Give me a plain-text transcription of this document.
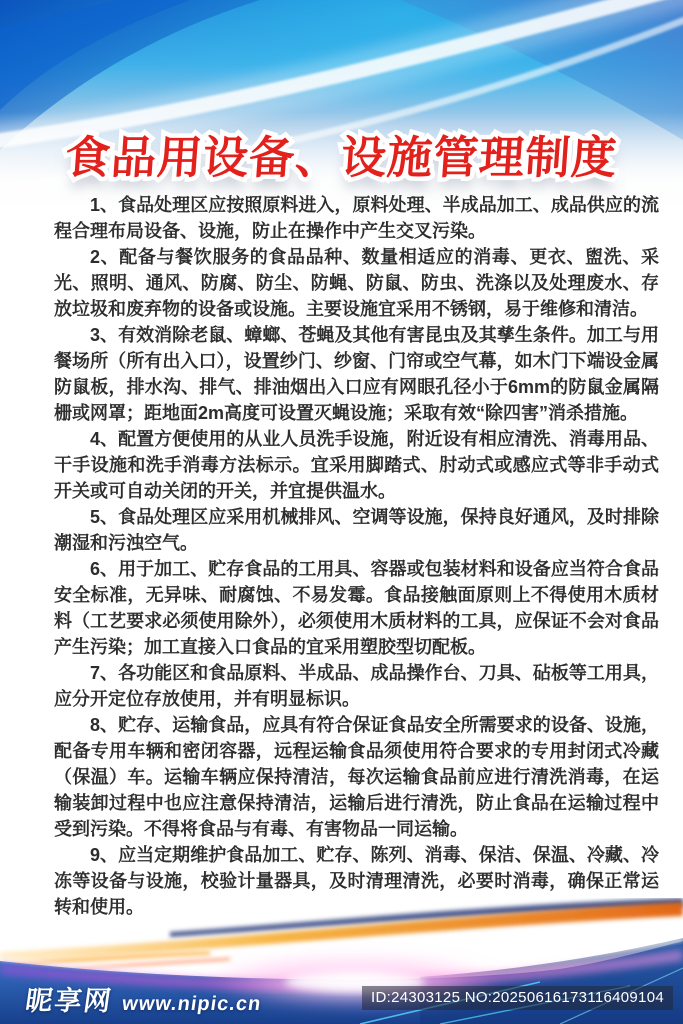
食品用设备、设施管理制度 食品用设备、设施管理制度

1、食品处理区应按照原料进入，原料处理、半成品加工、成品供应的流程合理布局设备、设施，防止在操作中产生交叉污染。

2、配备与餐饮服务的食品品种、数量相适应的消毒、更衣、盥洗、采光、照明、通风、防腐、防尘、防蝇、防鼠、防虫、洗涤以及处理废水、存放垃圾和废弃物的设备或设施。主要设施宜采用不锈钢，易于维修和清洁。

3、有效消除老鼠、蟑螂、苍蝇及其他有害昆虫及其孳生条件。加工与用餐场所（所有出入口），设置纱门、纱窗、门帘或空气幕，如木门下端设金属防鼠板，排水沟、排气、排油烟出入口应有网眼孔径小于6mm的防鼠金属隔栅或网罩；距地面2m高度可设置灭蝇设施；采取有效“除四害”消杀措施。

4、配置方便使用的从业人员洗手设施，附近设有相应清洗、消毒用品、干手设施和洗手消毒方法标示。宜采用脚踏式、肘动式或感应式等非手动式开关或可自动关闭的开关，并宜提供温水。

5、食品处理区应采用机械排风、空调等设施，保持良好通风，及时排除潮湿和污浊空气。

6、用于加工、贮存食品的工用具、容器或包装材料和设备应当符合食品安全标准，无异味、耐腐蚀、不易发霉。食品接触面原则上不得使用木质材料（工艺要求必须使用除外），必须使用木质材料的工具，应保证不会对食品产生污染；加工直接入口食品的宜采用塑胶型切配板。

7、各功能区和食品原料、半成品、成品操作台、刀具、砧板等工用具，应分开定位存放使用，并有明显标识。

8、贮存、运输食品，应具有符合保证食品安全所需要求的设备、设施，配备专用车辆和密闭容器，远程运输食品须使用符合要求的专用封闭式冷藏（保温）车。运输车辆应保持清洁，每次运输食品前应进行清洗消毒，在运输装卸过程中也应注意保持清洁，运输后进行清洗，防止食品在运输过程中受到污染。不得将食品与有毒、有害物品一同运输。

9、应当定期维护食品加工、贮存、陈列、消毒、保洁、保温、冷藏、冷冻等设备与设施，校验计量器具，及时清理清洗，必要时消毒，确保正常运转和使用。

昵享网 www.nipic.cn	ID:24303125 NO:20250616173116409104
